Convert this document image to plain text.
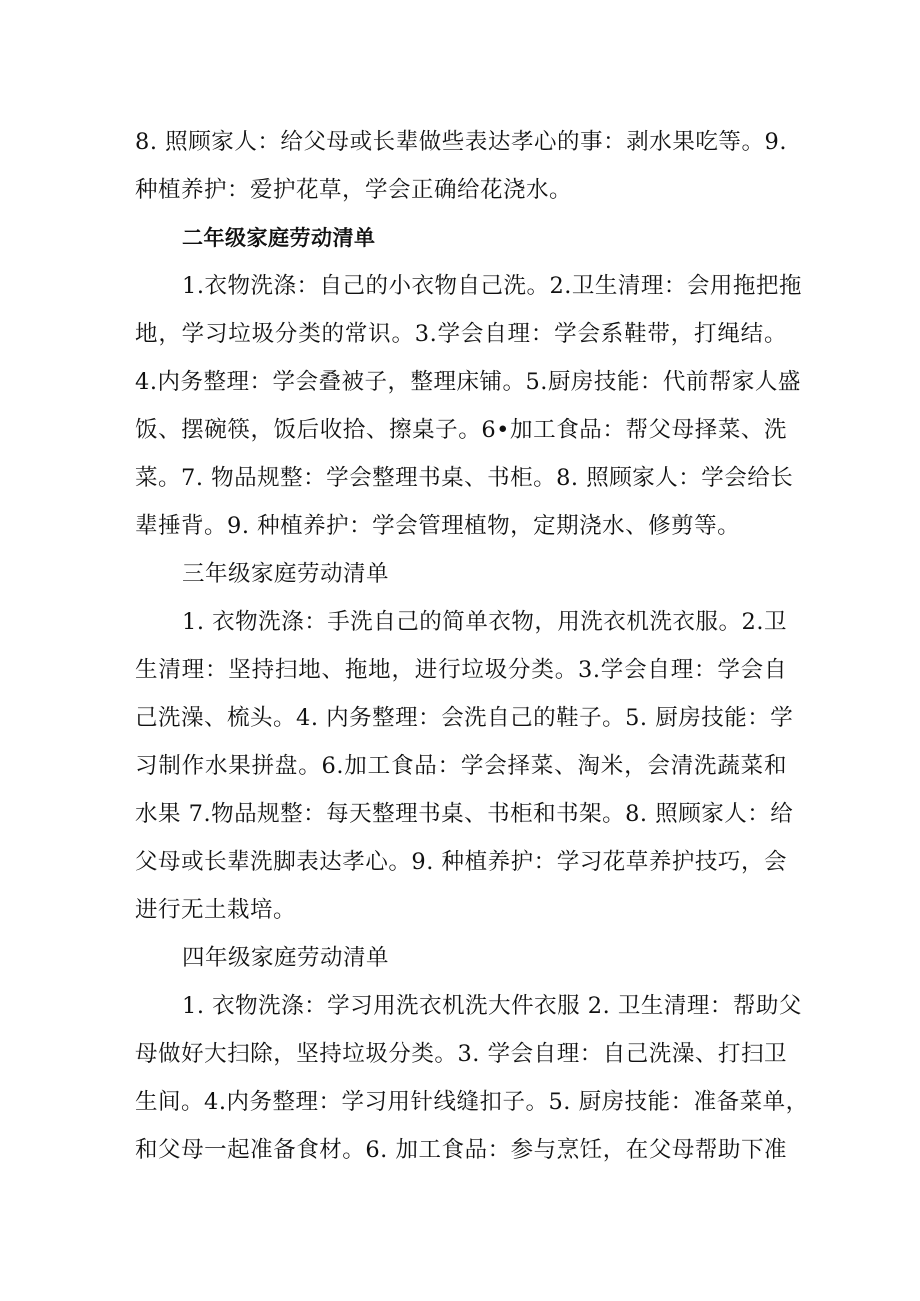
8. 照顾家人：给父母或长辈做些表达孝心的事：剥水果吃等。9.
种植养护：爱护花草，学会正确给花浇水。
二年级家庭劳动清单
1.衣物洗涤：自己的小衣物自己洗。2.卫生清理：会用拖把拖
地，学习垃圾分类的常识。3.学会自理：学会系鞋带，打绳结。
4.内务整理：学会叠被子，整理床铺。5.厨房技能：代前帮家人盛
饭、摆碗筷，饭后收拾、擦桌子。6•加工食品：帮父母择菜、洗
菜。7. 物品规整：学会整理书桌、书柜。8. 照顾家人：学会给长
辈捶背。9. 种植养护：学会管理植物，定期浇水、修剪等。
三年级家庭劳动清单
1. 衣物洗涤：手洗自己的简单衣物，用洗衣机洗衣服。2.卫
生清理：坚持扫地、拖地，进行垃圾分类。3.学会自理：学会自
己洗澡、梳头。4. 内务整理：会洗自己的鞋子。5. 厨房技能：学
习制作水果拼盘。6.加工食品：学会择菜、淘米，会清洗蔬菜和
水果 7.物品规整：每天整理书桌、书柜和书架。8. 照顾家人：给
父母或长辈洗脚表达孝心。9. 种植养护：学习花草养护技巧，会
进行无土栽培。
四年级家庭劳动清单
1. 衣物洗涤：学习用洗衣机洗大件衣服 2. 卫生清理：帮助父
母做好大扫除，坚持垃圾分类。3. 学会自理：自己洗澡、打扫卫
生间。4.内务整理：学习用针线缝扣子。5. 厨房技能：准备菜单，
和父母一起准备食材。6. 加工食品：参与烹饪，在父母帮助下准
